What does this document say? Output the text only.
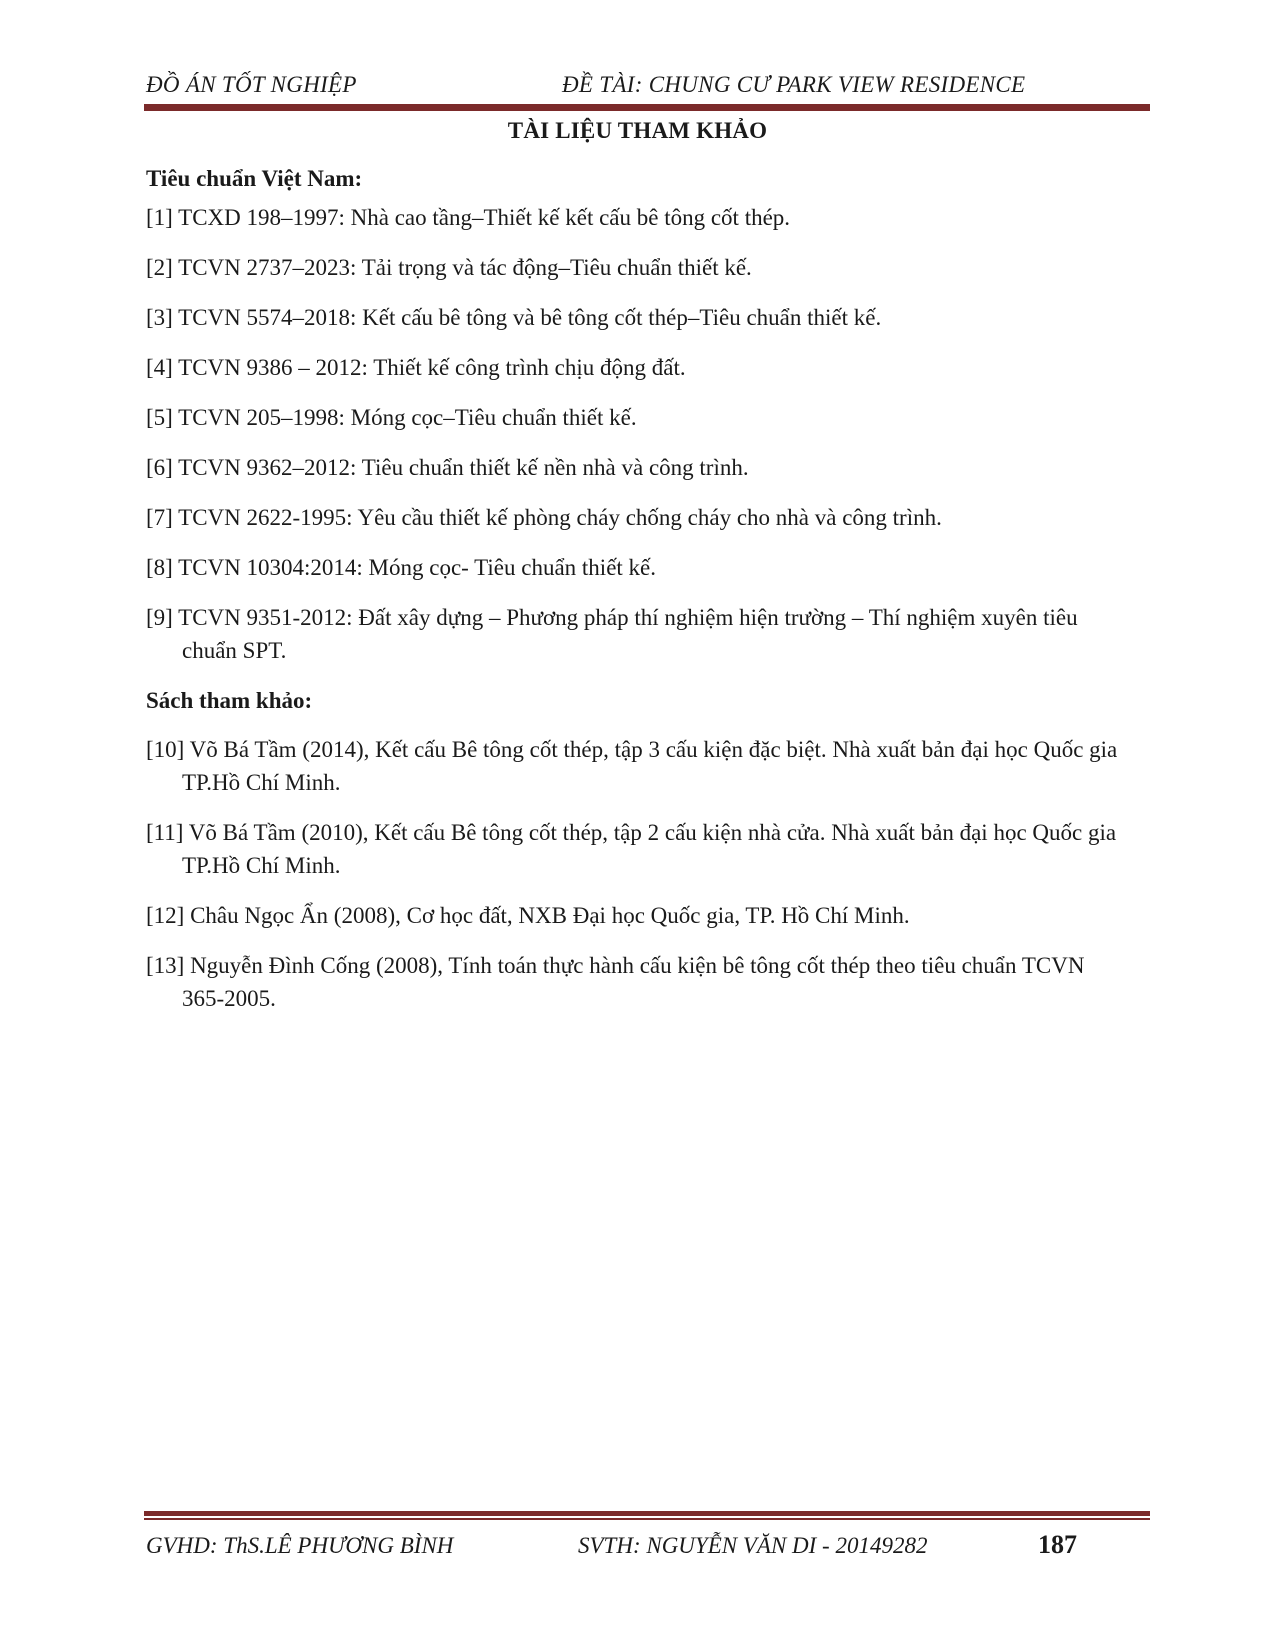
ĐỒ ÁN TỐT NGHIỆP	ĐỀ TÀI: CHUNG CƯ PARK VIEW RESIDENCE
TÀI LIỆU THAM KHẢO
Tiêu chuẩn Việt Nam:
[1] TCXD 198–1997: Nhà cao tầng–Thiết kế kết cấu bê tông cốt thép.
[2] TCVN 2737–2023: Tải trọng và tác động–Tiêu chuẩn thiết kế.
[3] TCVN 5574–2018: Kết cấu bê tông và bê tông cốt thép–Tiêu chuẩn thiết kế.
[4] TCVN 9386 – 2012: Thiết kế công trình chịu động đất.
[5] TCVN 205–1998: Móng cọc–Tiêu chuẩn thiết kế.
[6] TCVN 9362–2012: Tiêu chuẩn thiết kế nền nhà và công trình.
[7] TCVN 2622-1995: Yêu cầu thiết kế phòng cháy chống cháy cho nhà và công trình.
[8] TCVN 10304:2014: Móng cọc- Tiêu chuẩn thiết kế.
[9] TCVN 9351-2012: Đất xây dựng – Phương pháp thí nghiệm hiện trường – Thí nghiệm xuyên tiêu chuẩn SPT.
Sách tham khảo:
[10] Võ Bá Tầm (2014), Kết cấu Bê tông cốt thép, tập 3 cấu kiện đặc biệt. Nhà xuất bản đại học Quốc gia TP.Hồ Chí Minh.
[11] Võ Bá Tầm (2010), Kết cấu Bê tông cốt thép, tập 2 cấu kiện nhà cửa. Nhà xuất bản đại học Quốc gia TP.Hồ Chí Minh.
[12] Châu Ngọc Ẩn (2008), Cơ học đất, NXB Đại học Quốc gia, TP. Hồ Chí Minh.
[13] Nguyễn Đình Cống (2008), Tính toán thực hành cấu kiện bê tông cốt thép theo tiêu chuẩn TCVN 365-2005.
GVHD: ThS.LÊ PHƯƠNG BÌNH	SVTH: NGUYỄN VĂN DI - 20149282	187
